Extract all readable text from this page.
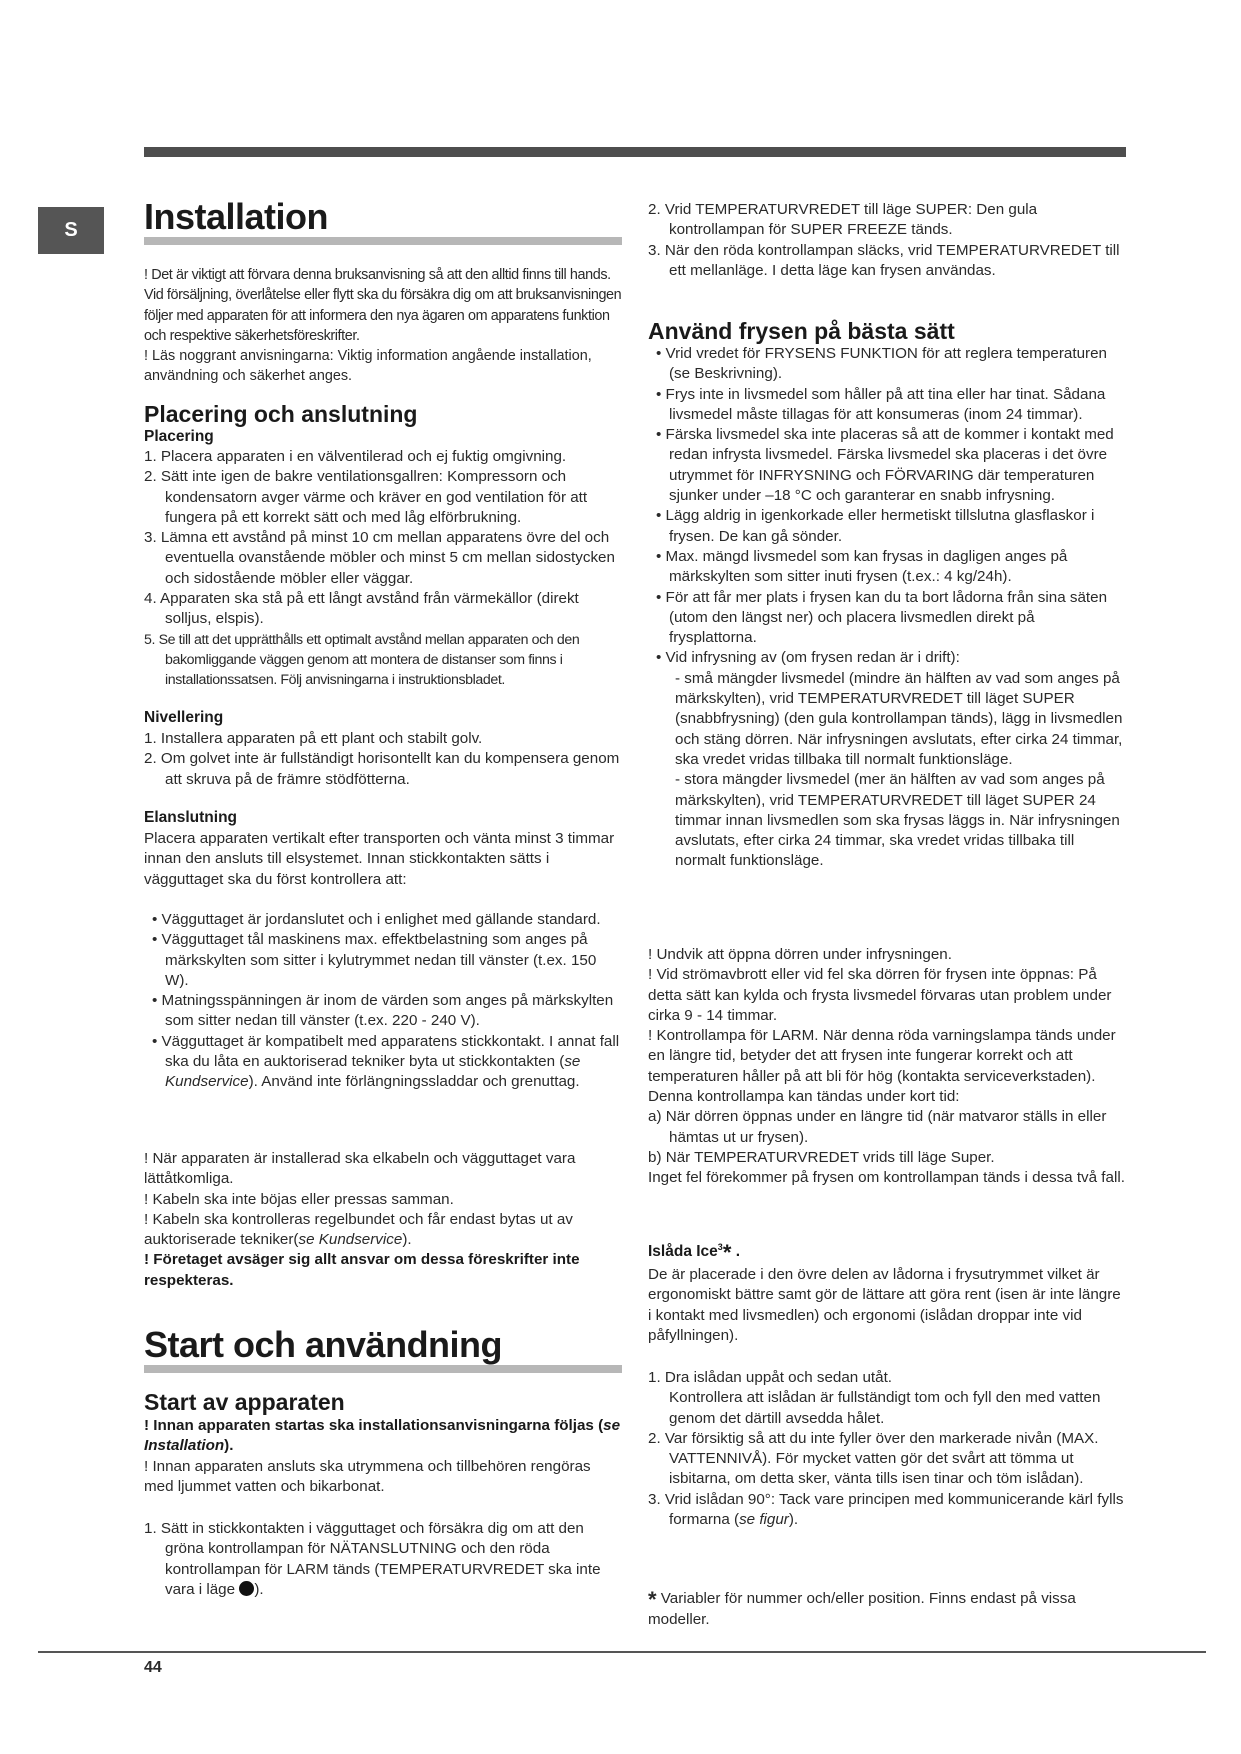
S	Installation

! Det är viktigt att förvara denna bruksanvisning så att den alltid finns till hands. Vid försäljning, överlåtelse eller flytt ska du försäkra dig om att bruksanvisningen följer med apparaten för att informera den nya ägaren om apparatens funktion och respektive säkerhetsföreskrifter.

! Läs noggrant anvisningarna: Viktig information angående installation, användning och säkerhet anges.

Placering och anslutning
Placering

1. Placera apparaten i en välventilerad och ej fuktig omgivning.

2. Sätt inte igen de bakre ventilationsgallren: Kompressorn och kondensatorn avger värme och kräver en god ventilation för att fungera på ett korrekt sätt och med låg elförbrukning.

3. Lämna ett avstånd på minst 10 cm mellan apparatens övre del och eventuella ovanstående möbler och minst 5 cm mellan sidostycken och sidostående möbler eller väggar.

4. Apparaten ska stå på ett långt avstånd från värmekällor (direkt solljus, elspis).

5. Se till att det upprätthålls ett optimalt avstånd mellan apparaten och den bakomliggande väggen genom att montera de distanser som finns i installationssatsen. Följ anvisningarna i instruktionsbladet.

Nivellering

1. Installera apparaten på ett plant och stabilt golv.

2. Om golvet inte är fullständigt horisontellt kan du kompensera genom att skruva på de främre stödfötterna.

Elanslutning

Placera apparaten vertikalt efter transporten och vänta minst 3 timmar innan den ansluts till elsystemet. Innan stickkontakten sätts i vägguttaget ska du först kontrollera att:

• Vägguttaget är jordanslutet och i enlighet med gällande standard.

• Vägguttaget tål maskinens max. effektbelastning som anges på märkskylten som sitter i kylutrymmet nedan till vänster (t.ex. 150 W).

• Matningsspänningen är inom de värden som anges på märkskylten som sitter nedan till vänster (t.ex. 220 - 240 V).

• Vägguttaget är kompatibelt med apparatens stickkontakt. I annat fall ska du låta en auktoriserad tekniker byta ut stickkontakten (se Kundservice). Använd inte förlängningssladdar och grenuttag.

! När apparaten är installerad ska elkabeln och vägguttaget vara lättåtkomliga.

! Kabeln ska inte böjas eller pressas samman.

! Kabeln ska kontrolleras regelbundet och får endast bytas ut av auktoriserade tekniker(se Kundservice).

! Företaget avsäger sig allt ansvar om dessa föreskrifter inte respekteras.

Start och användning
Start av apparaten

! Innan apparaten startas ska installationsanvisningarna följas (se Installation).

! Innan apparaten ansluts ska utrymmena och tillbehören rengöras med ljummet vatten och bikarbonat.

1. Sätt in stickkontakten i vägguttaget och försäkra dig om att den gröna kontrollampan för NÄTANSLUTNING och den röda kontrollampan för LARM tänds (TEMPERATURVREDET ska inte vara i läge ).

2. Vrid TEMPERATURVREDET till läge SUPER: Den gula kontrollampan för SUPER FREEZE tänds.

3. När den röda kontrollampan släcks, vrid TEMPERATURVREDET till ett mellanläge. I detta läge kan frysen användas.

Använd frysen på bästa sätt

• Vrid vredet för FRYSENS FUNKTION för att reglera temperaturen (se Beskrivning).

• Frys inte in livsmedel som håller på att tina eller har tinat. Sådana livsmedel måste tillagas för att konsumeras (inom 24 timmar).

• Färska livsmedel ska inte placeras så att de kommer i kontakt med redan infrysta livsmedel. Färska livsmedel ska placeras i det övre utrymmet för INFRYSNING och FÖRVARING där temperaturen sjunker under –18 °C och garanterar en snabb infrysning.

• Lägg aldrig in igenkorkade eller hermetiskt tillslutna glasflaskor i frysen. De kan gå sönder.

• Max. mängd livsmedel som kan frysas in dagligen anges på märkskylten som sitter inuti frysen (t.ex.: 4 kg/24h).

• För att får mer plats i frysen kan du ta bort lådorna från sina säten (utom den längst ner) och placera livsmedlen direkt på frysplattorna.

• Vid infrysning av (om frysen redan är i drift):

- små mängder livsmedel (mindre än hälften av vad som anges på märkskylten), vrid TEMPERATURVREDET till läget SUPER (snabbfrysning) (den gula kontrollampan tänds), lägg in livsmedlen och stäng dörren. När infrysningen avslutats, efter cirka 24 timmar, ska vredet vridas tillbaka till normalt funktionsläge.

- stora mängder livsmedel (mer än hälften av vad som anges på märkskylten), vrid TEMPERATURVREDET till läget SUPER 24 timmar innan livsmedlen som ska frysas läggs in. När infrysningen avslutats, efter cirka 24 timmar, ska vredet vridas tillbaka till normalt funktionsläge.

! Undvik att öppna dörren under infrysningen.

! Vid strömavbrott eller vid fel ska dörren för frysen inte öppnas: På detta sätt kan kylda och frysta livsmedel förvaras utan problem under cirka 9 - 14 timmar.

! Kontrollampa för LARM. När denna röda varningslampa tänds under en längre tid, betyder det att frysen inte fungerar korrekt och att temperaturen håller på att bli för hög (kontakta serviceverkstaden).

Denna kontrollampa kan tändas under kort tid:

a) När dörren öppnas under en längre tid (när matvaror ställs in eller hämtas ut ur frysen).

b) När TEMPERATURVREDET vrids till läge Super.

Inget fel förekommer på frysen om kontrollampan tänds i dessa två fall.

Islåda Ice$^3$* .

De är placerade i den övre delen av lådorna i frysutrymmet vilket är ergonomiskt bättre samt gör de lättare att göra rent (isen är inte längre i kontakt med livsmedlen) och ergonomi (islådan droppar inte vid påfyllningen).

1. Dra islådan uppåt och sedan utåt.

Kontrollera att islådan är fullständigt tom och fyll den med vatten genom det därtill avsedda hålet.

2. Var försiktig så att du inte fyller över den markerade nivån (MAX. VATTENNIVÅ). För mycket vatten gör det svårt att tömma ut isbitarna, om detta sker, vänta tills isen tinar och töm islådan).

3. Vrid islådan 90°: Tack vare principen med kommunicerande kärl fylls formarna (se figur).

* Variabler för nummer och/eller position. Finns endast på vissa modeller.

44
